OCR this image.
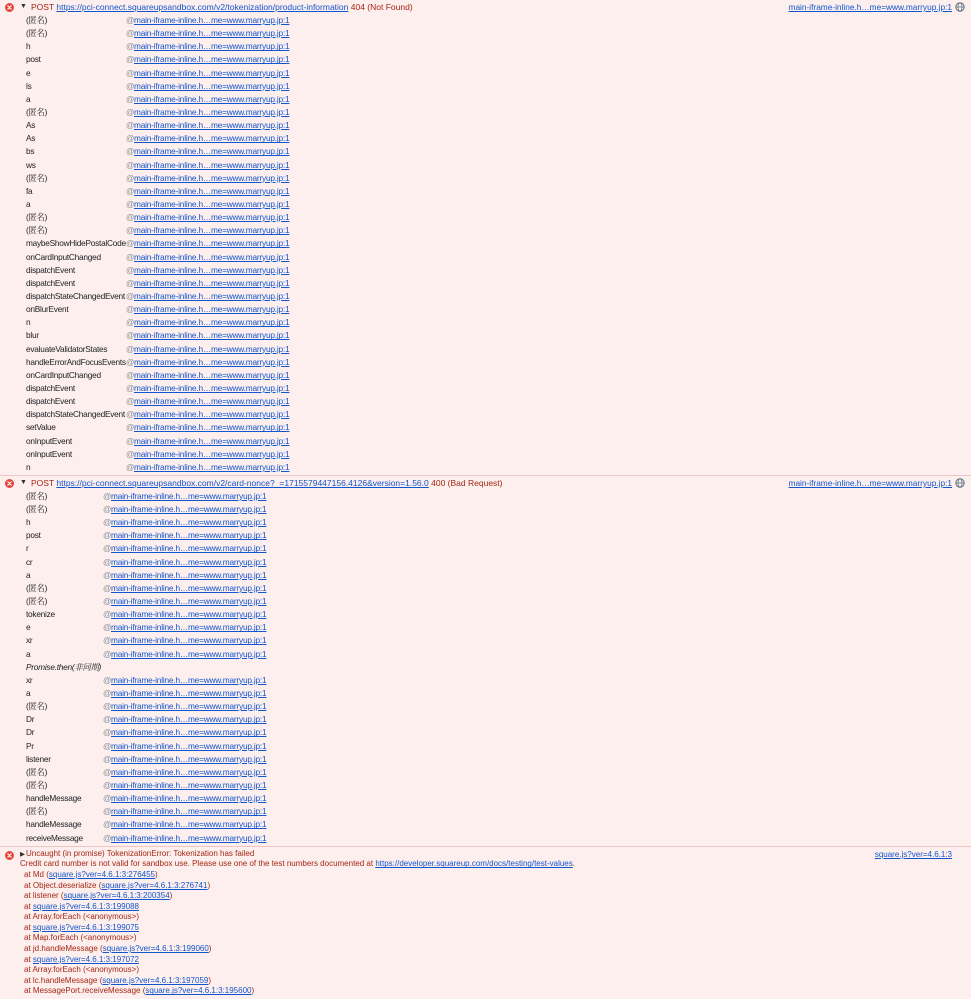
▼ POST https://pci-connect.squareupsandbox.com/v2/tokenization/product-information 404 (Not Found)	main-iframe-inline.h…me=www.marryup.jp:1
(匿名)	@ main-iframe-inline.h…me=www.marryup.jp:1
(匿名)	@ main-iframe-inline.h…me=www.marryup.jp:1
h	@ main-iframe-inline.h…me=www.marryup.jp:1
post	@ main-iframe-inline.h…me=www.marryup.jp:1
e	@ main-iframe-inline.h…me=www.marryup.jp:1
ls	@ main-iframe-inline.h…me=www.marryup.jp:1
a	@ main-iframe-inline.h…me=www.marryup.jp:1
(匿名)	@ main-iframe-inline.h…me=www.marryup.jp:1
As	@ main-iframe-inline.h…me=www.marryup.jp:1
As	@ main-iframe-inline.h…me=www.marryup.jp:1
bs	@ main-iframe-inline.h…me=www.marryup.jp:1
ws	@ main-iframe-inline.h…me=www.marryup.jp:1
(匿名)	@ main-iframe-inline.h…me=www.marryup.jp:1
fa	@ main-iframe-inline.h…me=www.marryup.jp:1
a	@ main-iframe-inline.h…me=www.marryup.jp:1
(匿名)	@ main-iframe-inline.h…me=www.marryup.jp:1
(匿名)	@ main-iframe-inline.h…me=www.marryup.jp:1
maybeShowHidePostalCode @ main-iframe-inline.h…me=www.marryup.jp:1
onCardInputChanged	@ main-iframe-inline.h…me=www.marryup.jp:1
dispatchEvent	@ main-iframe-inline.h…me=www.marryup.jp:1
dispatchEvent	@ main-iframe-inline.h…me=www.marryup.jp:1
dispatchStateChangedEvent @ main-iframe-inline.h…me=www.marryup.jp:1
onBlurEvent	@ main-iframe-inline.h…me=www.marryup.jp:1
n	@ main-iframe-inline.h…me=www.marryup.jp:1
blur	@ main-iframe-inline.h…me=www.marryup.jp:1
evaluateValidatorStates @ main-iframe-inline.h…me=www.marryup.jp:1
handleErrorAndFocusEvents @ main-iframe-inline.h…me=www.marryup.jp:1
onCardInputChanged	@ main-iframe-inline.h…me=www.marryup.jp:1
dispatchEvent	@ main-iframe-inline.h…me=www.marryup.jp:1
dispatchEvent	@ main-iframe-inline.h…me=www.marryup.jp:1
dispatchStateChangedEvent @ main-iframe-inline.h…me=www.marryup.jp:1
setValue	@ main-iframe-inline.h…me=www.marryup.jp:1
onInputEvent	@ main-iframe-inline.h…me=www.marryup.jp:1
onInputEvent	@ main-iframe-inline.h…me=www.marryup.jp:1
n	@ main-iframe-inline.h…me=www.marryup.jp:1
▼ POST https://pci-connect.squareupsandbox.com/v2/card-nonce?_=1715579447156.4126&version=1.56.0 400 (Bad Request)	main-iframe-inline.h…me=www.marryup.jp:1
(匿名)	@ main-iframe-inline.h…me=www.marryup.jp:1
(匿名)	@ main-iframe-inline.h…me=www.marryup.jp:1
h	@ main-iframe-inline.h…me=www.marryup.jp:1
post	@ main-iframe-inline.h…me=www.marryup.jp:1
r	@ main-iframe-inline.h…me=www.marryup.jp:1
cr	@ main-iframe-inline.h…me=www.marryup.jp:1
a	@ main-iframe-inline.h…me=www.marryup.jp:1
(匿名)	@ main-iframe-inline.h…me=www.marryup.jp:1
(匿名)	@ main-iframe-inline.h…me=www.marryup.jp:1
tokenize	@ main-iframe-inline.h…me=www.marryup.jp:1
e	@ main-iframe-inline.h…me=www.marryup.jp:1
xr	@ main-iframe-inline.h…me=www.marryup.jp:1
a	@ main-iframe-inline.h…me=www.marryup.jp:1
Promise.then(非同期)
xr	@ main-iframe-inline.h…me=www.marryup.jp:1
a	@ main-iframe-inline.h…me=www.marryup.jp:1
(匿名)	@ main-iframe-inline.h…me=www.marryup.jp:1
Dr	@ main-iframe-inline.h…me=www.marryup.jp:1
Dr	@ main-iframe-inline.h…me=www.marryup.jp:1
Pr	@ main-iframe-inline.h…me=www.marryup.jp:1
listener	@ main-iframe-inline.h…me=www.marryup.jp:1
(匿名)	@ main-iframe-inline.h…me=www.marryup.jp:1
(匿名)	@ main-iframe-inline.h…me=www.marryup.jp:1
handleMessage	@ main-iframe-inline.h…me=www.marryup.jp:1
(匿名)	@ main-iframe-inline.h…me=www.marryup.jp:1
handleMessage	@ main-iframe-inline.h…me=www.marryup.jp:1
receiveMessage @ main-iframe-inline.h…me=www.marryup.jp:1
▶	square.js?ver=4.6.1:3
Uncaught (in promise) TokenizationError: Tokenization has failed
Credit card number is not valid for sandbox use. Please use one of the test numbers documented at https://developer.squareup.com/docs/testing/test-values.
at Md (square.js?ver=4.6.1:3:276455)
at Object.deserialize (square.js?ver=4.6.1:3:276741)
at listener (square.js?ver=4.6.1:3:200354)
at square.js?ver=4.6.1:3:199088
at Array.forEach (<anonymous>)
at square.js?ver=4.6.1:3:199075
at Map.forEach (<anonymous>)
at jd.handleMessage (square.js?ver=4.6.1:3:199060)
at square.js?ver=4.6.1:3:197072
at Array.forEach (<anonymous>)
at lc.handleMessage (square.js?ver=4.6.1:3:197059)
at MessagePort.receiveMessage (square.js?ver=4.6.1:3:195600)
